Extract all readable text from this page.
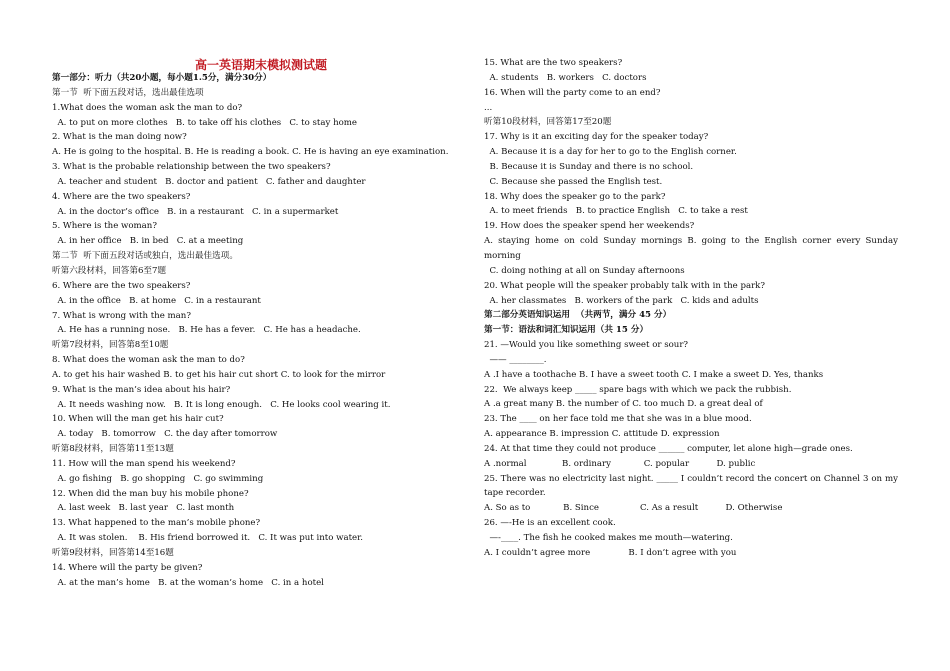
高一英语期末模拟测试题
第一部分：听力（共20小题，每小题1.5分，满分30分）
第一节  听下面五段对话，选出最佳选项
1.What does the woman ask the man to do?
A. to put on more clothes   B. to take off his clothes   C. to stay home
2. What is the man doing now?
A. He is going to the hospital. B. He is reading a book. C. He is having an eye examination.
3. What is the probable relationship between the two speakers?
A. teacher and student   B. doctor and patient   C. father and daughter
4. Where are the two speakers?
A. in the doctor’s office   B. in a restaurant   C. in a supermarket
5. Where is the woman?
A. in her office   B. in bed   C. at a meeting
第二节  听下面五段对话或独白，选出最佳选项。
听第六段材料，回答第6至7题
6. Where are the two speakers?
A. in the office   B. at home   C. in a restaurant
7. What is wrong with the man?
A. He has a running nose.   B. He has a fever.   C. He has a headache.
听第7段材料，回答第8至10题
8. What does the woman ask the man to do?
A. to get his hair washed B. to get his hair cut short C. to look for the mirror
9. What is the man’s idea about his hair?
A. It needs washing now.   B. It is long enough.   C. He looks cool wearing it.
10. When will the man get his hair cut?
A. today   B. tomorrow   C. the day after tomorrow
听第8段材料，回答第11至13题
11. How will the man spend his weekend?
A. go fishing   B. go shopping   C. go swimming
12. When did the man buy his mobile phone?
A. last week   B. last year   C. last month
13. What happened to the man’s mobile phone?
A. It was stolen.    B. His friend borrowed it.   C. It was put into water.
听第9段材料，回答第14至16题
14. Where will the party be given?
A. at the man’s home   B. at the woman’s home   C. in a hotel
15. What are the two speakers?
A. students   B. workers   C. doctors
16. When will the party come to an end?
...
听第10段材料，回答第17至20题
17. Why is it an exciting day for the speaker today?
A. Because it is a day for her to go to the English corner.
B. Because it is Sunday and there is no school.
C. Because she passed the English test.
18. Why does the speaker go to the park?
A. to meet friends   B. to practice English   C. to take a rest
19. How does the speaker spend her weekends?
A. staying home on cold Sunday mornings B. going to the English corner every Sunday morning
C. doing nothing at all on Sunday afternoons
20. What people will the speaker probably talk with in the park?
A. her classmates   B. workers of the park   C. kids and adults
第二部分英语知识运用  （共两节，满分 45 分）
第一节：语法和词汇知识运用（共 15 分）
21. —Would you like something sweet or sour?
—— ________.
A .I have a toothache B. I have a sweet tooth C. I make a sweet D. Yes, thanks
22.  We always keep _____ spare bags with which we pack the rubbish.
A .a great many B. the number of C. too much D. a great deal of
23. The ____ on her face told me that she was in a blue mood.
A. appearance B. impression C. attitude D. expression
24. At that time they could not produce ______ computer, let alone high—grade ones.
A .normal             B. ordinary            C. popular          D. public
25. There was no electricity last night. _____ I couldn’t record the concert on Channel 3 on my tape recorder.
A. So as to            B. Since               C. As a result          D. Otherwise
26. —-He is an excellent cook.
—-____. The fish he cooked makes me mouth—watering.
A. I couldn’t agree more              B. I don’t agree with you
